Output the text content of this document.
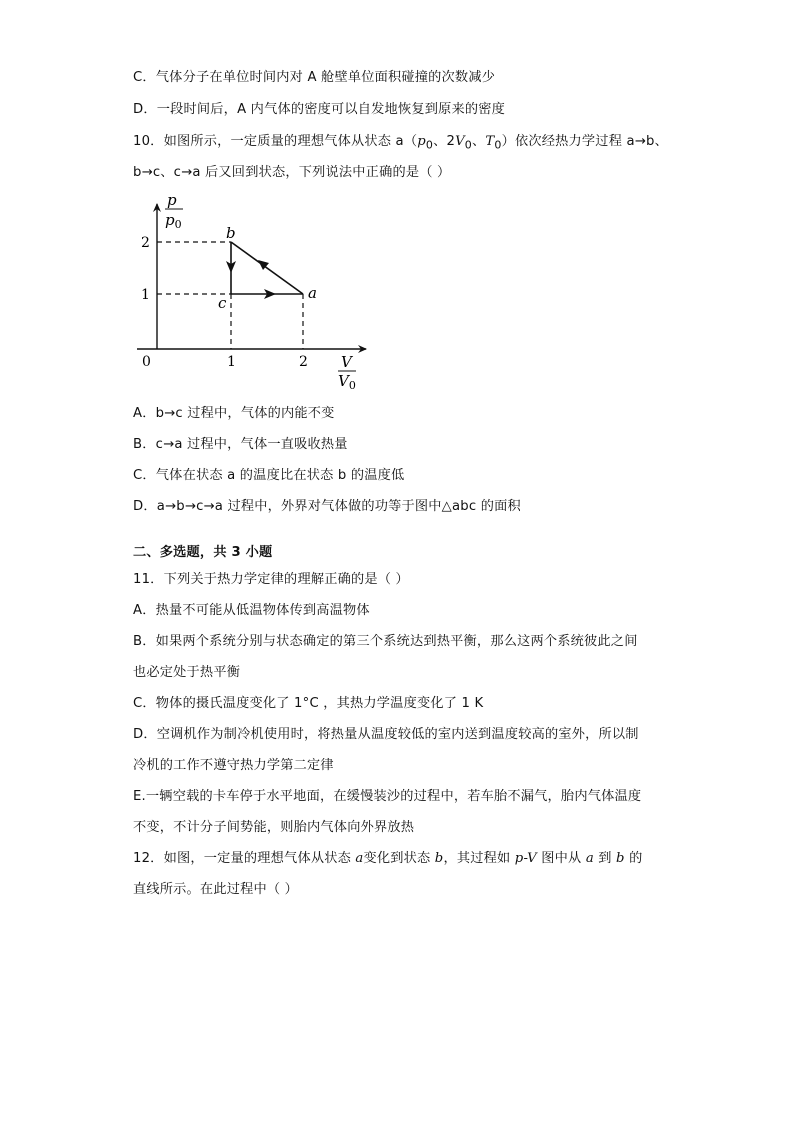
C．气体分子在单位时间内对 A 舱壁单位面积碰撞的次数减少
D．一段时间后，A 内气体的密度可以自发地恢复到原来的密度
10．如图所示，一定质量的理想气体从状态 $a(p_0$、$2V_0$、$T_0$）依次经热力学过程 a→b、
b→c、c→a 后又回到状态，下列说法中正确的是（ ）
p
$p_0$
V
$V_0$
0
2
1
1	2
b
c
a
A．b→c 过程中，气体的内能不变
B．c→a 过程中，气体一直吸收热量
C．气体在状态 a 的温度比在状态 b 的温度低
D．a→b→c→a 过程中，外界对气体做的功等于图中△abc 的面积
二、多选题，共 3 小题
11．下列关于热力学定律的理解正确的是（ ）
A．热量不可能从低温物体传到高温物体
B．如果两个系统分别与状态确定的第三个系统达到热平衡，那么这两个系统彼此之间
也必定处于热平衡
C．物体的摄氏温度变化了 1°C ，其热力学温度变化了 1 K
D．空调机作为制冷机使用时，将热量从温度较低的室内送到温度较高的室外，所以制
冷机的工作不遵守热力学第二定律
E.一辆空载的卡车停于水平地面，在缓慢装沙的过程中，若车胎不漏气，胎内气体温度
不变，不计分子间势能，则胎内气体向外界放热
12．如图，一定量的理想气体从状态 a变化到状态 b，其过程如 p-V 图中从 a 到 b 的
直线所示。在此过程中（ ）
